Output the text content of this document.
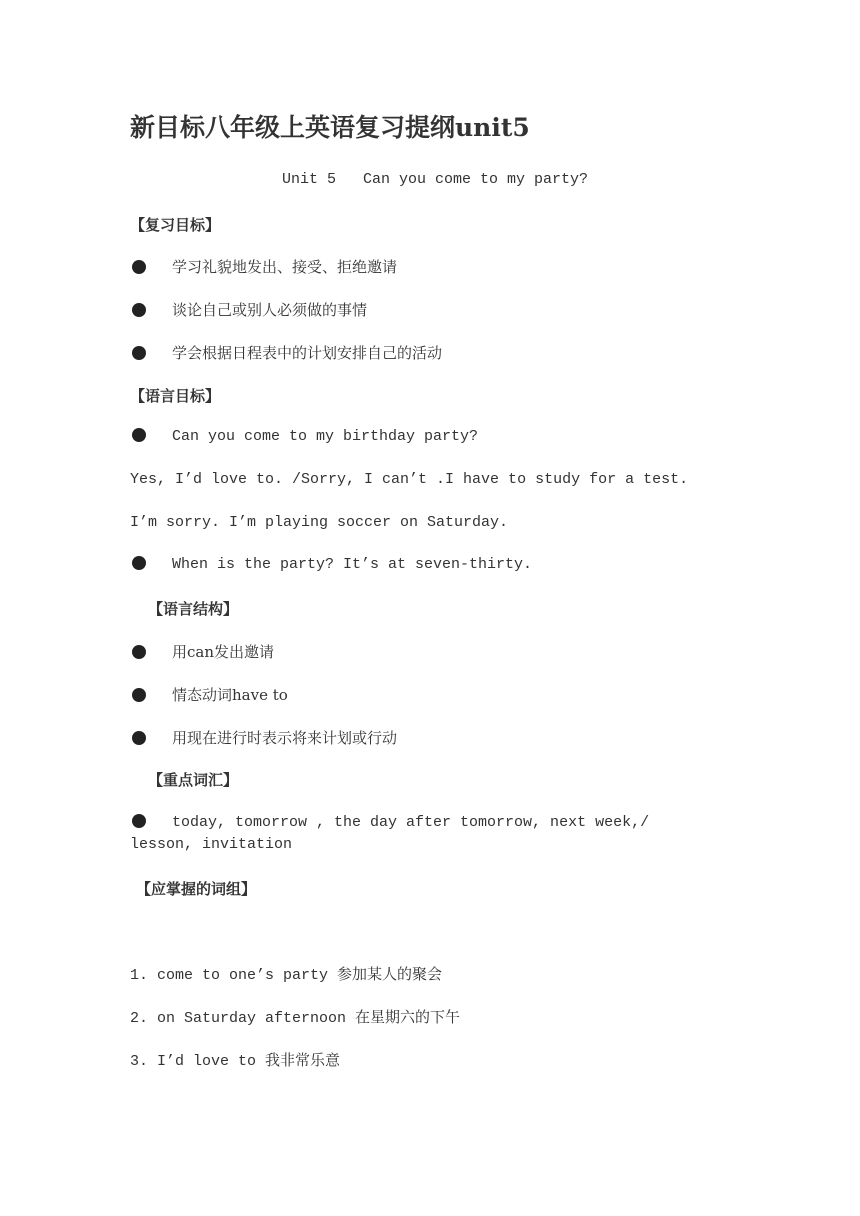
新目标八年级上英语复习提纲unit5
Unit 5   Can you come to my party?
【复习目标】
学习礼貌地发出、接受、拒绝邀请
谈论自己或别人必须做的事情
学会根据日程表中的计划安排自己的活动
【语言目标】
Can you come to my birthday party?
Yes, I’d love to. /Sorry, I can’t .I have to study for a test.
I’m sorry. I’m playing soccer on Saturday.
When is the party? It’s at seven-thirty.
【语言结构】
用can发出邀请
情态动词have to
用现在进行时表示将来计划或行动
【重点词汇】
today, tomorrow , the day after tomorrow, next week,/ lesson, invitation
【应掌握的词组】
1. come to one’s party 参加某人的聚会
2. on Saturday afternoon 在星期六的下午
3. I’d love to 我非常乐意
